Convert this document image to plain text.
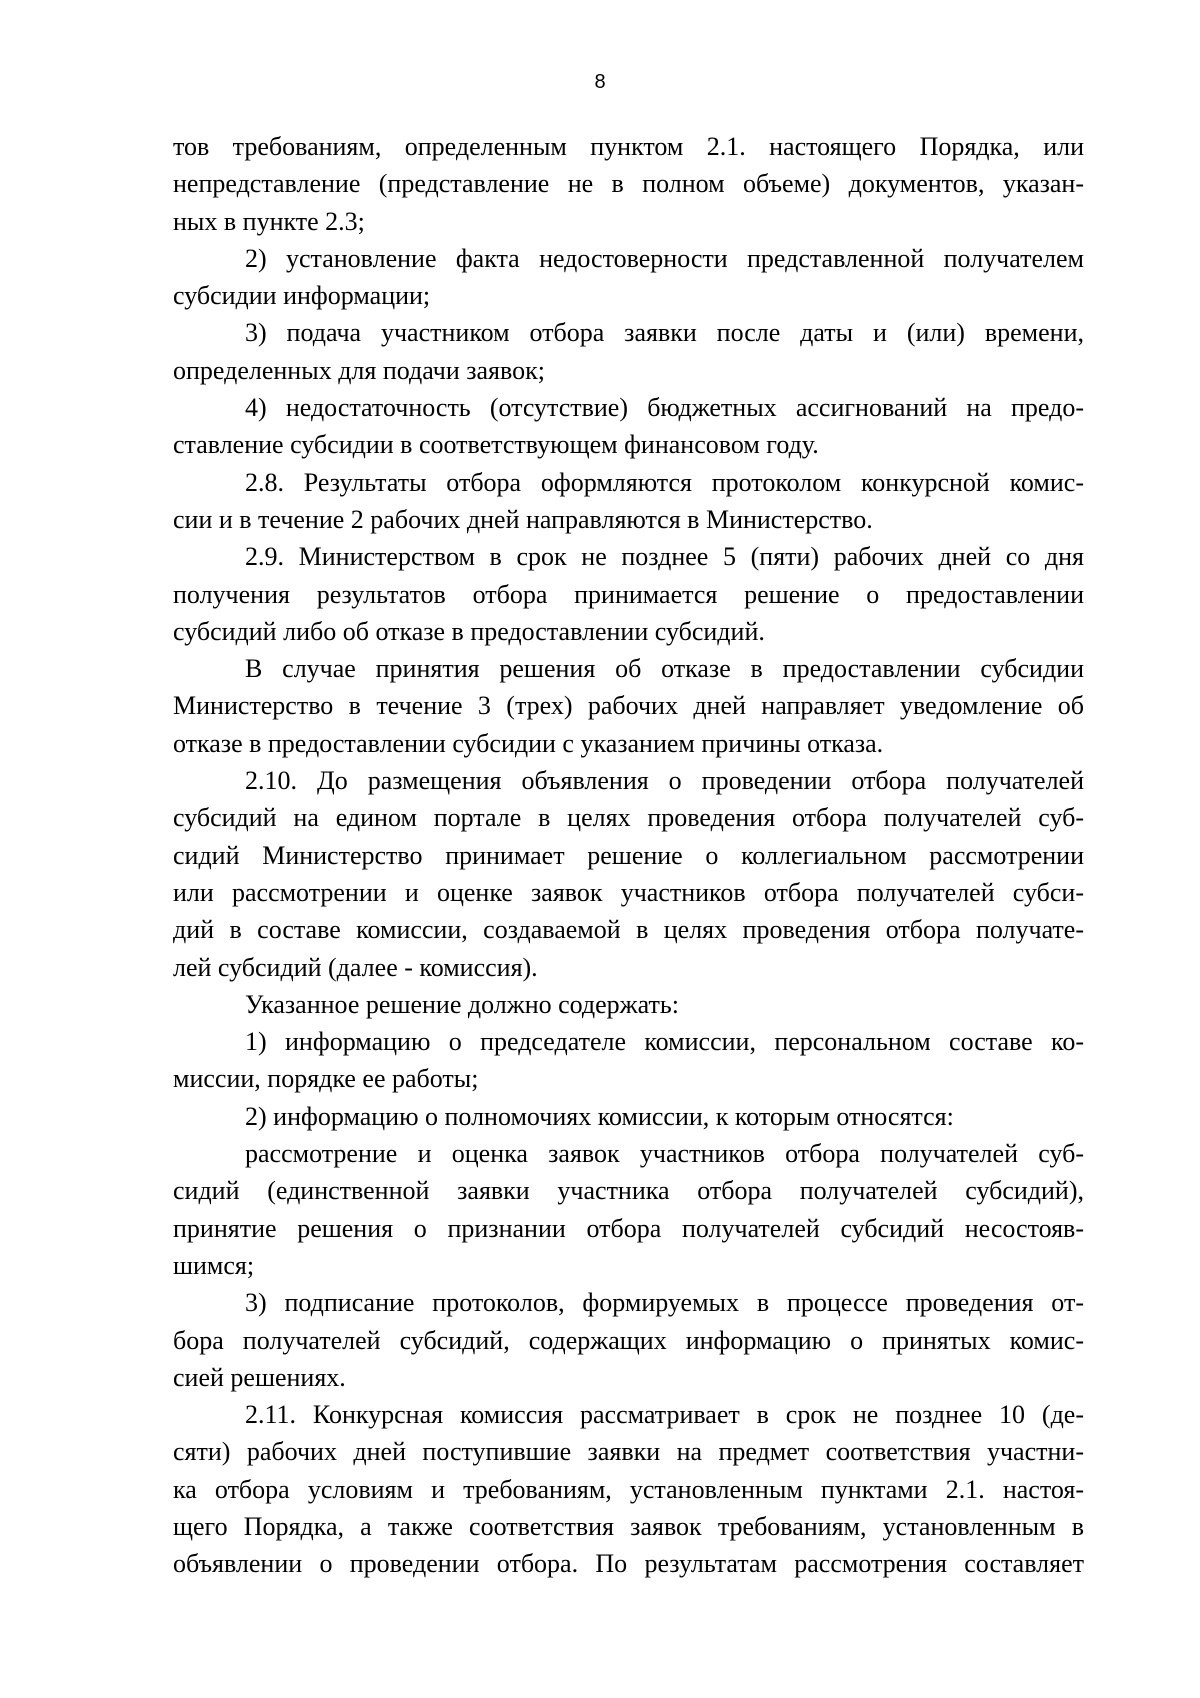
8
тов требованиям, определенным пунктом 2.1. настоящего Порядка, или
непредставление (представление не в полном объеме) документов, указан-
ных в пункте 2.3;
2) установление факта недостоверности представленной получателем
субсидии информации;
3) подача участником отбора заявки после даты и (или) времени,
определенных для подачи заявок;
4) недостаточность (отсутствие) бюджетных ассигнований на предо-
ставление субсидии в соответствующем финансовом году.
2.8. Результаты отбора оформляются протоколом конкурсной комис-
сии и в течение 2 рабочих дней направляются в Министерство.
2.9. Министерством в срок не позднее 5 (пяти) рабочих дней со дня
получения результатов отбора принимается решение о предоставлении
субсидий либо об отказе в предоставлении субсидий.
В случае принятия решения об отказе в предоставлении субсидии
Министерство в течение 3 (трех) рабочих дней направляет уведомление об
отказе в предоставлении субсидии с указанием причины отказа.
2.10. До размещения объявления о проведении отбора получателей
субсидий на едином портале в целях проведения отбора получателей суб-
сидий Министерство принимает решение о коллегиальном рассмотрении
или рассмотрении и оценке заявок участников отбора получателей субси-
дий в составе комиссии, создаваемой в целях проведения отбора получате-
лей субсидий (далее - комиссия).
Указанное решение должно содержать:
1) информацию о председателе комиссии, персональном составе ко-
миссии, порядке ее работы;
2) информацию о полномочиях комиссии, к которым относятся:
рассмотрение и оценка заявок участников отбора получателей суб-
сидий (единственной заявки участника отбора получателей субсидий),
принятие решения о признании отбора получателей субсидий несостояв-
шимся;
3) подписание протоколов, формируемых в процессе проведения от-
бора получателей субсидий, содержащих информацию о принятых комис-
сией решениях.
2.11. Конкурсная комиссия рассматривает в срок не позднее 10 (де-
сяти) рабочих дней поступившие заявки на предмет соответствия участни-
ка отбора условиям и требованиям, установленным пунктами 2.1. настоя-
щего Порядка, а также соответствия заявок требованиям, установленным в
объявлении о проведении отбора. По результатам рассмотрения составляет
